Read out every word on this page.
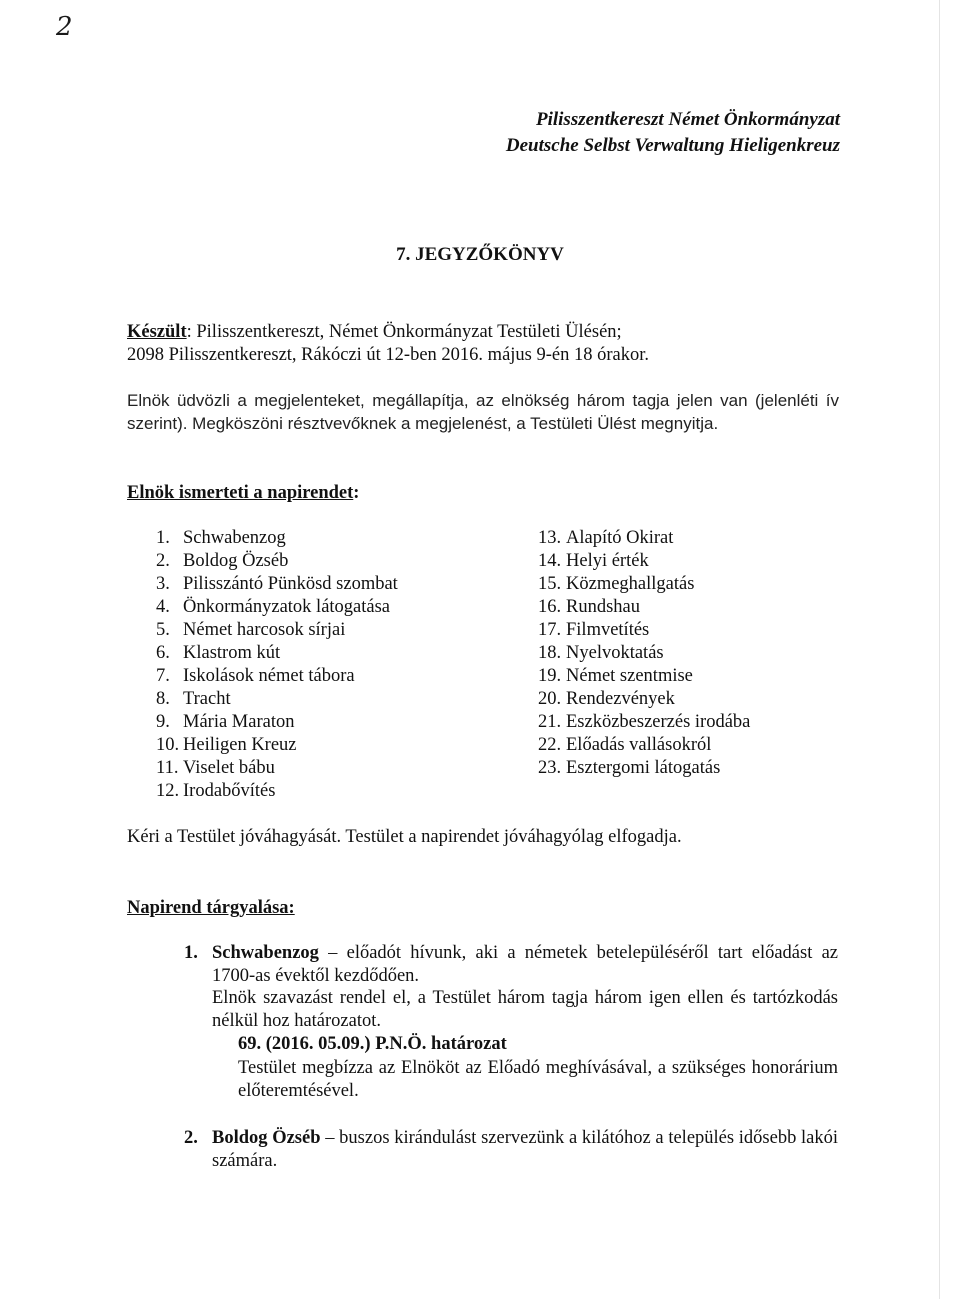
2
Pilisszentkereszt Német Önkormányzat
Deutsche Selbst Verwaltung Hieligenkreuz
7. JEGYZŐKÖNYV
Készült: Pilisszentkereszt, Német Önkormányzat Testületi Ülésén;
2098 Pilisszentkereszt, Rákóczi út 12-ben 2016. május 9-én 18 órakor.
Elnök üdvözli a megjelenteket, megállapítja, az elnökség három tagja jelen van (jelenléti ív szerint). Megköszöni résztvevőknek a megjelenést, a Testületi Ülést megnyitja.
Elnök ismerteti a napirendet:
1. Schwabenzog
2. Boldog Özséb
3. Pilisszántó Pünkösd szombat
4. Önkormányzatok látogatása
5. Német harcosok sírjai
6. Klastrom kút
7. Iskolások német tábora
8. Tracht
9. Mária Maraton
10. Heiligen Kreuz
11. Viselet bábu
12. Irodabővítés
13. Alapító Okirat
14. Helyi érték
15. Közmeghallgatás
16. Rundshau
17. Filmvetítés
18. Nyelvoktatás
19. Német szentmise
20. Rendezvények
21. Eszközbeszerzés irodába
22. Előadás vallásokról
23. Esztergomi látogatás
Kéri a Testület jóváhagyását. Testület a napirendet jóváhagyólag elfogadja.
Napirend tárgyalása:
1. Schwabenzog – előadót hívunk, aki a németek betelepüléséről tart előadást az 1700-as évektől kezdődően.
Elnök szavazást rendel el, a Testület három tagja három igen ellen és tartózkodás nélkül hoz határozatot.
69. (2016. 05.09.) P.N.Ö. határozat
Testület megbízza az Elnököt az Előadó meghívásával, a szükséges honorárium előteremtésével.
2. Boldog Özséb – buszos kirándulást szervezünk a kilátóhoz a település idősebb lakói számára.
